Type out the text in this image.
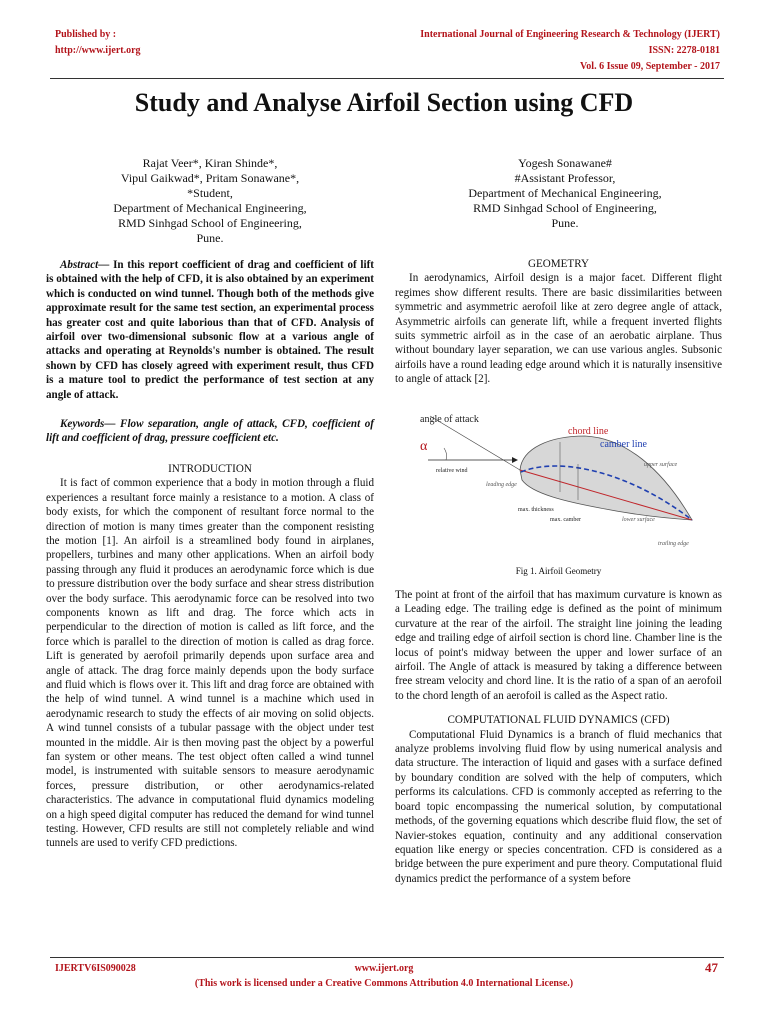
Published by :
http://www.ijert.org
International Journal of Engineering Research & Technology (IJERT)
ISSN: 2278-0181
Vol. 6 Issue 09, September - 2017
Study and Analyse Airfoil Section using CFD
Rajat Veer*, Kiran Shinde*,
Vipul Gaikwad*, Pritam Sonawane*,
*Student,
Department of Mechanical Engineering,
RMD Sinhgad School of Engineering,
Pune.
Yogesh Sonawane#
#Assistant Professor,
Department of Mechanical Engineering,
RMD Sinhgad School of Engineering,
Pune.

Abstract— In this report coefficient of drag and coefficient of lift is obtained with the help of CFD, it is also obtained by an experiment which is conducted on wind tunnel. Though both of the methods give approximate result for the same test section, an experimental process has greater cost and quite laborious than that of CFD. Analysis of airfoil over two-dimensional subsonic flow at a various angle of attacks and operating at Reynolds's number is obtained. The result shown by CFD has closely agreed with experiment result, thus CFD is a mature tool to predict the performance of test section at any angle of attack.

Keywords— Flow separation, angle of attack, CFD, coefficient of lift and coefficient of drag, pressure coefficient etc.

INTRODUCTION

It is fact of common experience that a body in motion through a fluid experiences a resultant force mainly a resistance to a motion. A class of body exists, for which the component of resultant force normal to the direction of motion is many times greater than the component resisting the motion [1]. An airfoil is a streamlined body found in airplanes, propellers, turbines and many other applications. When an airfoil body passing through any fluid it produces an aerodynamic force which is due to pressure distribution over the body surface and shear stress distribution over the body surface. This aerodynamic force can be resolved into two components known as lift and drag. The force which acts in perpendicular to the direction of motion is called as lift force, and the force which is parallel to the direction of motion is called as drag force. Lift is generated by aerofoil primarily depends upon surface area and angle of attack. The drag force mainly depends upon the body surface and fluid which is flows over it. This lift and drag force are obtained with the help of wind tunnel. A wind tunnel is a machine which used in aerodynamic research to study the effects of air moving on solid objects. A wind tunnel consists of a tubular passage with the object under test mounted in the middle. Air is then moving past the object by a powerful fan system or other means. The test object often called a wind tunnel model, is instrumented with suitable sensors to measure aerodynamic forces, pressure distribution, or other aerodynamics-related characteristics. The advance in computational fluid dynamics modeling on a high speed digital computer has reduced the demand for wind tunnel testing. However, CFD results are still not completely reliable and wind tunnels are used to verify CFD predictions.

GEOMETRY

In aerodynamics, Airfoil design is a major facet. Different flight regimes show different results. There are basic dissimilarities between symmetric and asymmetric aerofoil like at zero degree angle of attack, Asymmetric airfoils can generate lift, while a frequent inverted flights suits symmetric airfoil as in the case of an aerobatic airplane. Thus without boundary layer separation, we can use various angles. Subsonic airfoils have a round leading edge around which it is naturally insensitive to angle of attack [2].

angle of attack
α
chord line
camber line
relative wind
leading edge
upper surface
max. thickness
max. camber	lower surface
trailing edge
Fig 1. Airfoil Geometry

The point at front of the airfoil that has maximum curvature is known as a Leading edge. The trailing edge is defined as the point of minimum curvature at the rear of the airfoil. The straight line joining the leading edge and trailing edge of airfoil section is chord line. Chamber line is the locus of point's midway between the upper and lower surface of an airfoil. The Angle of attack is measured by taking a difference between free stream velocity and chord line. It is the ratio of a span of an aerofoil to the chord length of an aerofoil is called as the Aspect ratio.

COMPUTATIONAL FLUID DYNAMICS (CFD)

Computational Fluid Dynamics is a branch of fluid mechanics that analyze problems involving fluid flow by using numerical analysis and data structure. The interaction of liquid and gases with a surface defined by boundary condition are solved with the help of computers, which performs its calculations. CFD is commonly accepted as referring to the board topic encompassing the numerical solution, by computational methods, of the governing equations which describe fluid flow, the set of Navier-stokes equation, continuity and any additional conservation equation like energy or species concentration. CFD is considered as a bridge between the pure experiment and pure theory. Computational fluid dynamics predict the performance of a system before

IJERTV6IS090028	www.ijert.org	47
(This work is licensed under a Creative Commons Attribution 4.0 International License.)
